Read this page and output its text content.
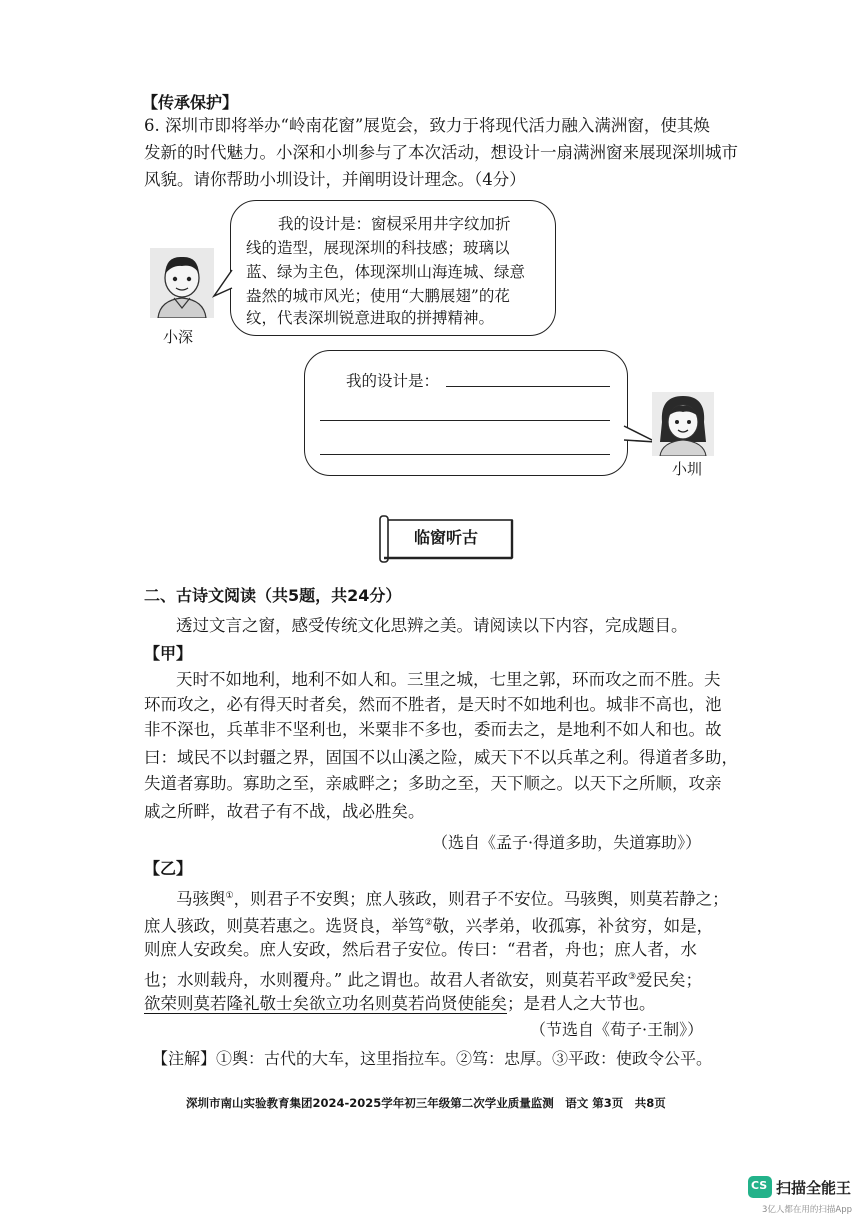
【传承保护】
6. 深圳市即将举办“岭南花窗”展览会，致力于将现代活力融入满洲窗，使其焕
发新的时代魅力。小深和小圳参与了本次活动，想设计一扇满洲窗来展现深圳城市
风貌。请你帮助小圳设计，并阐明设计理念。（4分）
小深
我的设计是：窗棂采用井字纹加折
线的造型，展现深圳的科技感；玻璃以
蓝、绿为主色，体现深圳山海连城、绿意
盎然的城市风光；使用“大鹏展翅”的花
纹，代表深圳锐意进取的拼搏精神。
我的设计是：
小圳
临窗听古
二、古诗文阅读（共5题，共24分）
透过文言之窗，感受传统文化思辨之美。请阅读以下内容，完成题目。
【甲】
天时不如地利，地利不如人和。三里之城，七里之郭，环而攻之而不胜。夫
环而攻之，必有得天时者矣，然而不胜者，是天时不如地利也。城非不高也，池
非不深也，兵革非不坚利也，米粟非不多也，委而去之，是地利不如人和也。故
曰：域民不以封疆之界，固国不以山溪之险，威天下不以兵革之利。得道者多助，
失道者寡助。寡助之至，亲戚畔之；多助之至，天下顺之。以天下之所顺，攻亲
戚之所畔，故君子有不战，战必胜矣。
（选自《孟子·得道多助，失道寡助》）
【乙】
马骇舆①，则君子不安舆；庶人骇政，则君子不安位。马骇舆，则莫若静之；
庶人骇政，则莫若惠之。选贤良，举笃②敬，兴孝弟，收孤寡，补贫穷，如是，
则庶人安政矣。庶人安政，然后君子安位。传曰：“君者，舟也；庶人者，水
也；水则载舟，水则覆舟。” 此之谓也。故君人者欲安，则莫若平政③爱民矣；
欲荣则莫若隆礼敬士矣欲立功名则莫若尚贤使能矣；是君人之大节也。
（节选自《荀子·王制》）
【注解】①舆：古代的大车，这里指拉车。②笃：忠厚。③平政：使政令公平。
深圳市南山实验教育集团2024-2025学年初三年级第二次学业质量监测　语文 第3页　共8页
CS 扫描全能王
3亿人都在用的扫描App
